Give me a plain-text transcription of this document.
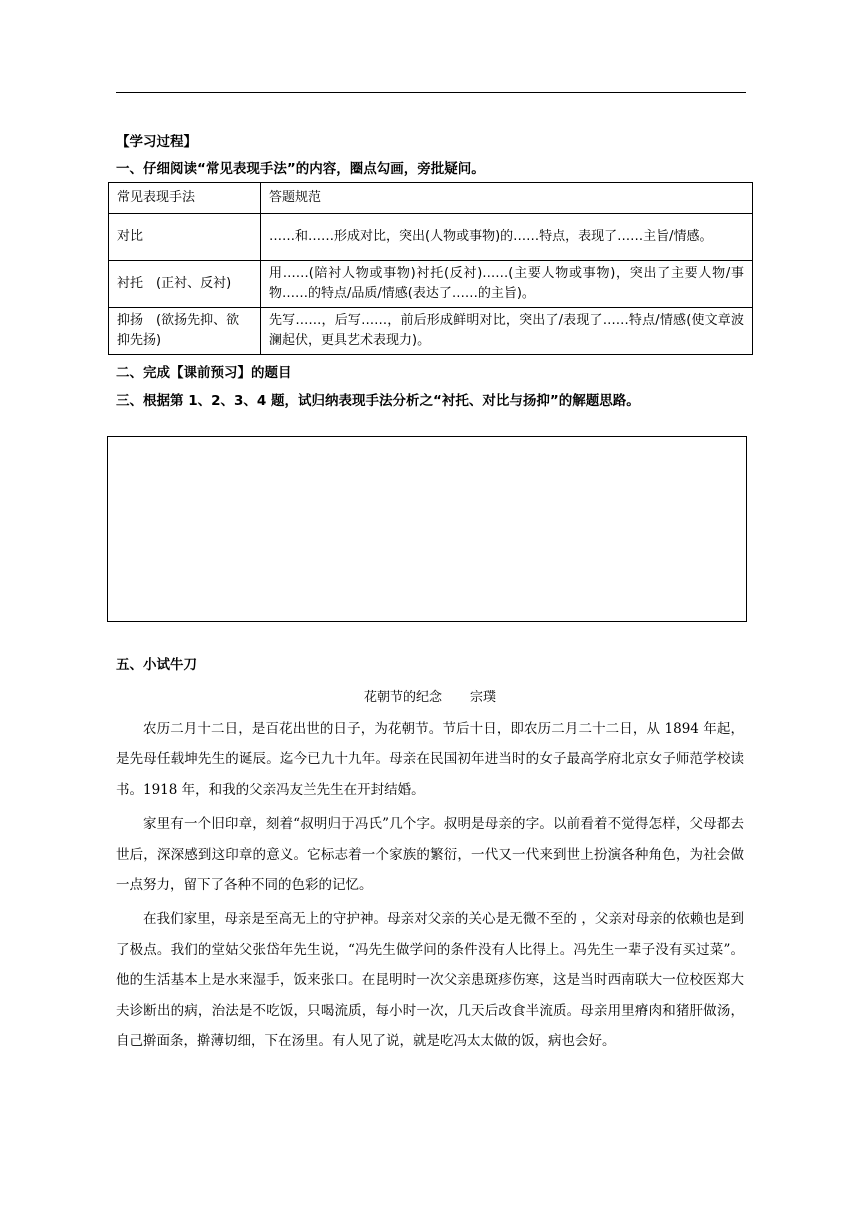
【学习过程】
一、仔细阅读“常见表现手法”的内容，圈点勾画，旁批疑问。
常见表现手法	答题规范
对比	……和……形成对比，突出(人物或事物)的……特点，表现了……主旨/情感。
衬托　(正衬、反衬)	用……(陪衬人物或事物)衬托(反衬)……(主要人物或事物)，突出了主要人物/事物……的特点/品质/情感(表达了……的主旨)。
抑扬　(欲扬先抑、欲抑先扬)	先写……，后写……，前后形成鲜明对比，突出了/表现了……特点/情感(使文章波澜起伏，更具艺术表现力)。
二、完成【课前预习】的题目
三、根据第 1、2、3、4 题，试归纳表现手法分析之“衬托、对比与扬抑”的解题思路。
五、小试牛刀
花朝节的纪念 宗璞

农历二月十二日，是百花出世的日子，为花朝节。节后十日，即农历二月二十二日，从 1894 年起，是先母任载坤先生的诞辰。迄今已九十九年。母亲在民国初年进当时的女子最高学府北京女子师范学校读书。1918 年，和我的父亲冯友兰先生在开封结婚。

家里有一个旧印章，刻着“叔明归于冯氏”几个字。叔明是母亲的字。以前看着不觉得怎样，父母都去世后，深深感到这印章的意义。它标志着一个家族的繁衍，一代又一代来到世上扮演各种角色，为社会做一点努力，留下了各种不同的色彩的记忆。

在我们家里，母亲是至高无上的守护神。母亲对父亲的关心是无微不至的 ，父亲对母亲的依赖也是到了极点。我们的堂姑父张岱年先生说，“冯先生做学问的条件没有人比得上。冯先生一辈子没有买过菜”。他的生活基本上是水来湿手，饭来张口。在昆明时一次父亲患斑疹伤寒，这是当时西南联大一位校医郑大夫诊断出的病，治法是不吃饭，只喝流质，每小时一次，几天后改食半流质。母亲用里瘠肉和猪肝做汤，自己擀面条，擀薄切细，下在汤里。有人见了说，就是吃冯太太做的饭，病也会好。
